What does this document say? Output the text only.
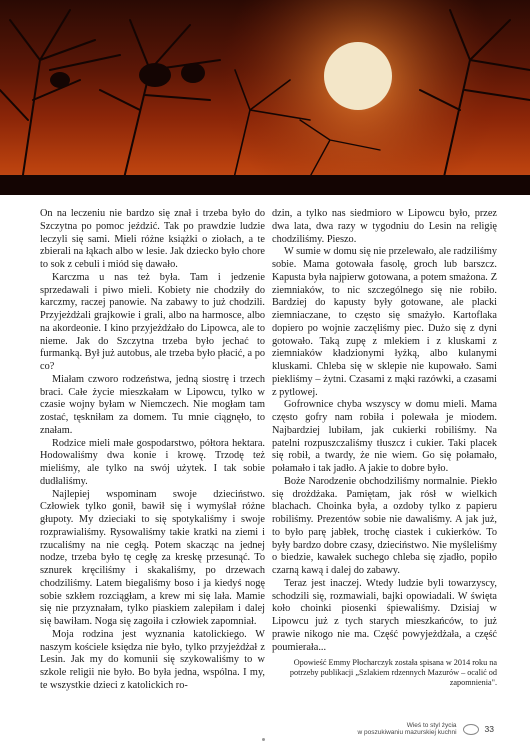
On na leczeniu nie bardzo się znał i trzeba było do Szczytna po pomoc jeździć. Tak po prawdzie ludzie leczyli się sami. Mieli różne książki o ziołach, a te zbierali na łąkach albo w lesie. Jak dziecko było chore to sok z cebuli i miód się dawało.

Karczma u nas też była. Tam i jedzenie sprzedawali i piwo mieli. Kobiety nie chodziły do karczmy, raczej panowie. Na zabawy to już chodzili. Przyjeżdżali grajkowie i grali, albo na harmosce, albo na akordeonie. I kino przyjeżdżało do Lipowca, ale to nieme. Jak do Szczytna trzeba było jechać to furmanką. Był już autobus, ale trzeba było płacić, a po co?

Miałam czworo rodzeństwa, jedną siostrę i trzech braci. Całe życie mieszkałam w Lipowcu, tylko w czasie wojny byłam w Niemczech. Nie mogłam tam zostać, tęskniłam za domem. Tu mnie ciągnęło, to znałam.

Rodzice mieli małe gospodarstwo, półtora hektara. Hodowaliśmy dwa konie i krowę. Trzodę też mieliśmy, ale tylko na swój użytek. I tak sobie dudłaliśmy.

Najlepiej wspominam swoje dzieciństwo. Człowiek tylko gonił, bawił się i wymyślał różne głupoty. My dzieciaki to się spotykaliśmy i swoje rozprawialiśmy. Rysowaliśmy takie kratki na ziemi i rzucaliśmy na nie cegłą. Potem skacząc na jednej nodze, trzeba było tę cegłę za kreskę przesunąć. To sznurek kręciliśmy i skakaliśmy, po drzewach chodziliśmy. Latem biegaliśmy boso i ja kiedyś nogę sobie szkłem rozciągłam, a krew mi się lała. Mamie się nie przyznałam, tylko piaskiem zalepiłam i dalej się bawiłam. Noga się zagoiła i człowiek zapomniał.

Moja rodzina jest wyznania katolickiego. W naszym kościele księdza nie było, tylko przyjeżdżał z Lesin. Jak my do komunii się szykowaliśmy to w szkole religii nie było. Bo była jedna, wspólna. I my, te wszystkie dzieci z katolickich ro-

dzin, a tylko nas siedmioro w Lipowcu było, przez dwa lata, dwa razy w tygodniu do Lesin na religię chodziliśmy. Pieszo.

W sumie w domu się nie przelewało, ale radziliśmy sobie. Mama gotowała fasolę, groch lub barszcz. Kapusta była najpierw gotowana, a potem smażona. Z ziemniaków, to nic szczególnego się nie robiło. Bardziej do kapusty były gotowane, ale placki ziemniaczane, to często się smażyło. Kartoflaka dopiero po wojnie zaczęliśmy piec. Dużo się z dyni gotowało. Taką zupę z mlekiem i z kluskami z ziemniaków kładzionymi łyżką, albo kulanymi kluskami. Chleba się w sklepie nie kupowało. Sami piekliśmy – żytni. Czasami z mąki razówki, a czasami z pytlowej.

Gofrownice chyba wszyscy w domu mieli. Mama często gofry nam robiła i polewała je miodem. Najbardziej lubiłam, jak cukierki robiliśmy. Na patelni rozpuszczaliśmy tłuszcz i cukier. Taki placek się robił, a twardy, że nie wiem. Go się połamało, połamało i tak jadło. A jakie to dobre było.

Boże Narodzenie obchodziliśmy normalnie. Piekło się drożdżaka. Pamiętam, jak rósł w wielkich blachach. Choinka była, a ozdoby tylko z papieru robiliśmy. Prezentów sobie nie dawaliśmy. A jak już, to było parę jabłek, trochę ciastek i cukierków. To były bardzo dobre czasy, dzieciństwo. Nie myśleliśmy o biedzie, kawałek suchego chleba się zjadło, popiło czarną kawą i dalej do zabawy.

Teraz jest inaczej. Wtedy ludzie byli towarzyscy, schodzili się, rozmawiali, bajki opowiadali. W święta koło choinki piosenki śpiewaliśmy. Dzisiaj w Lipowcu już z tych starych mieszkańców, to już prawie nikogo nie ma. Część powyjeżdżała, a część poumierała...

Opowieść Emmy Płocharczyk została spisana w 2014 roku na potrzeby publikacji „Szlakiem rdzennych Mazurów – ocalić od zapomnienia".
Wieś to styl życia
w poszukiwaniu mazurskiej kuchni	33
